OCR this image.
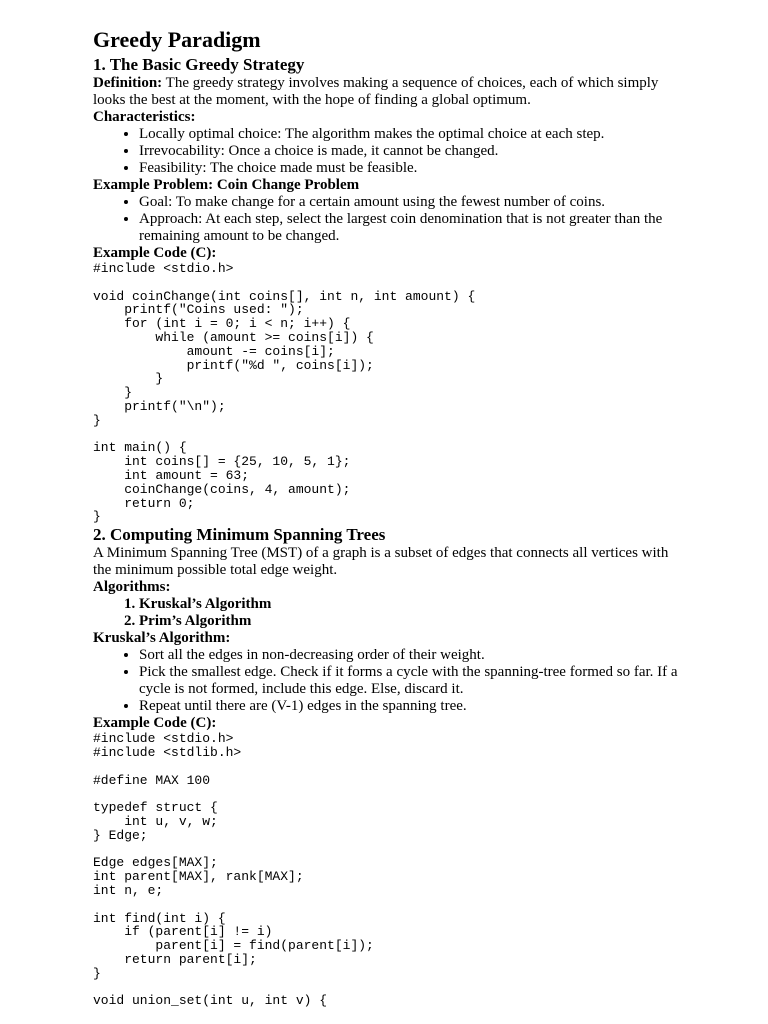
Greedy Paradigm
1. The Basic Greedy Strategy

Definition: The greedy strategy involves making a sequence of choices, each of which simply looks the best at the moment, with the hope of finding a global optimum.

Characteristics:

• Locally optimal choice: The algorithm makes the optimal choice at each step.
• Irrevocability: Once a choice is made, it cannot be changed.
• Feasibility: The choice made must be feasible.

Example Problem: Coin Change Problem

• Goal: To make change for a certain amount using the fewest number of coins.
• Approach: At each step, select the largest coin denomination that is not greater than the remaining amount to be changed.

Example Code (C):

#include <stdio.h>

void coinChange(int coins[], int n, int amount) {
printf("Coins used: ");
for (int i = 0; i < n; i++) {
while (amount >= coins[i]) {
amount -= coins[i];
printf("%d ", coins[i]);
}
}
printf("\n");
}

int main() {
int coins[] = {25, 10, 5, 1};
int amount = 63;
coinChange(coins, 4, amount);
return 0;
}
2. Computing Minimum Spanning Trees

A Minimum Spanning Tree (MST) of a graph is a subset of edges that connects all vertices with the minimum possible total edge weight.

Algorithms:

1. Kruskal’s Algorithm
2. Prim’s Algorithm

Kruskal’s Algorithm:

• Sort all the edges in non-decreasing order of their weight.
• Pick the smallest edge. Check if it forms a cycle with the spanning-tree formed so far. If a cycle is not formed, include this edge. Else, discard it.
• Repeat until there are (V-1) edges in the spanning tree.

Example Code (C):

#include <stdio.h>
#include <stdlib.h>

#define MAX 100

typedef struct {
int u, v, w;
} Edge;

Edge edges[MAX];
int parent[MAX], rank[MAX];
int n, e;

int find(int i) {
if (parent[i] != i)
parent[i] = find(parent[i]);
return parent[i];
}

void union_set(int u, int v) {
